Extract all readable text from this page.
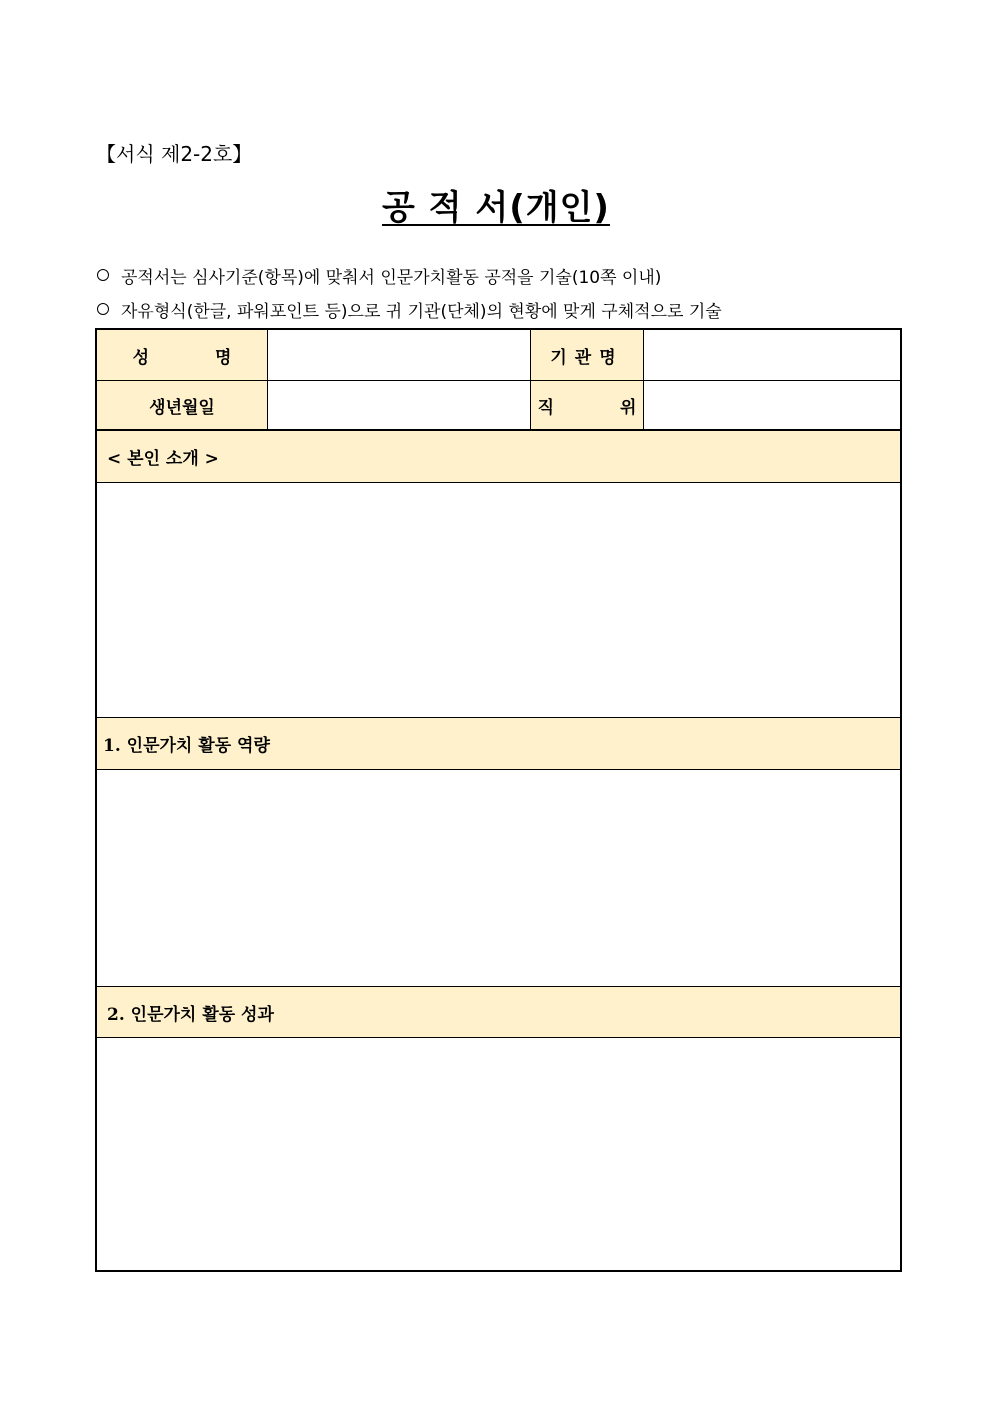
【서식 제2-2호】
공 적 서(개인)
공적서는 심사기준(항목)에 맞춰서 인문가치활동 공적을 기술(10쪽 이내)
자유형식(한글, 파워포인트 등)으로 귀 기관(단체)의 현황에 맞게 구체적으로 기술
성 명	기관명
생년월일	직 위
< 본인 소개 >
1. 인문가치 활동 역량
2. 인문가치 활동 성과
